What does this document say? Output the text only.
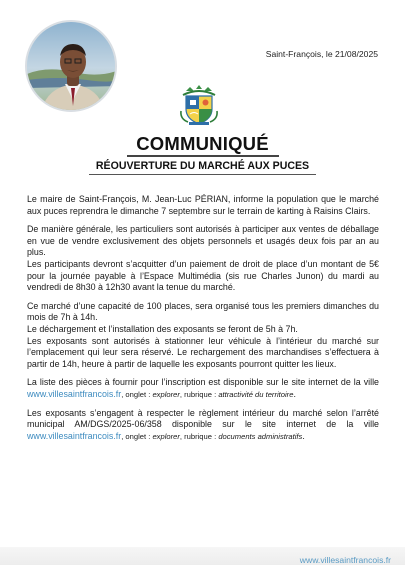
Saint-François, le 21/08/2025
COMMUNIQUÉ
RÉOUVERTURE DU MARCHÉ AUX PUCES

Le maire de Saint-François, M. Jean-Luc PÉRIAN, informe la population que le marché aux puces reprendra le dimanche 7 septembre sur le terrain de karting à Raisins Clairs.

De manière générale, les particuliers sont autorisés à participer aux ventes de déballage en vue de vendre exclusivement des objets personnels et usagés deux fois par an au plus.

Les participants devront s’acquitter d’un paiement de droit de place d’un montant de 5€ pour la journée payable à l’Espace Multimédia (sis rue Charles Junon) du mardi au vendredi de 8h30 à 12h30 avant la tenue du marché.

Ce marché d’une capacité de 100 places, sera organisé tous les premiers dimanches du mois de 7h à 14h.

Le déchargement et l’installation des exposants se feront de 5h à 7h.

Les exposants sont autorisés à stationner leur véhicule à l’intérieur du marché sur l’emplacement qui leur sera réservé. Le rechargement des marchandises s’effectuera à partir de 14h, heure à partir de laquelle les exposants pourront quitter les lieux.

La liste des pièces à fournir pour l’inscription est disponible sur le site internet de la ville www.villesaintfrancois.fr, onglet : explorer, rubrique : attractivité du territoire.

Les exposants s’engagent à respecter le règlement intérieur du marché selon l’arrêté municipal AM/DGS/2025-06/358 disponible sur le site internet de la ville www.villesaintfrancois.fr, onglet : explorer, rubrique : documents administratifs.

www.villesaintfrancois.fr
